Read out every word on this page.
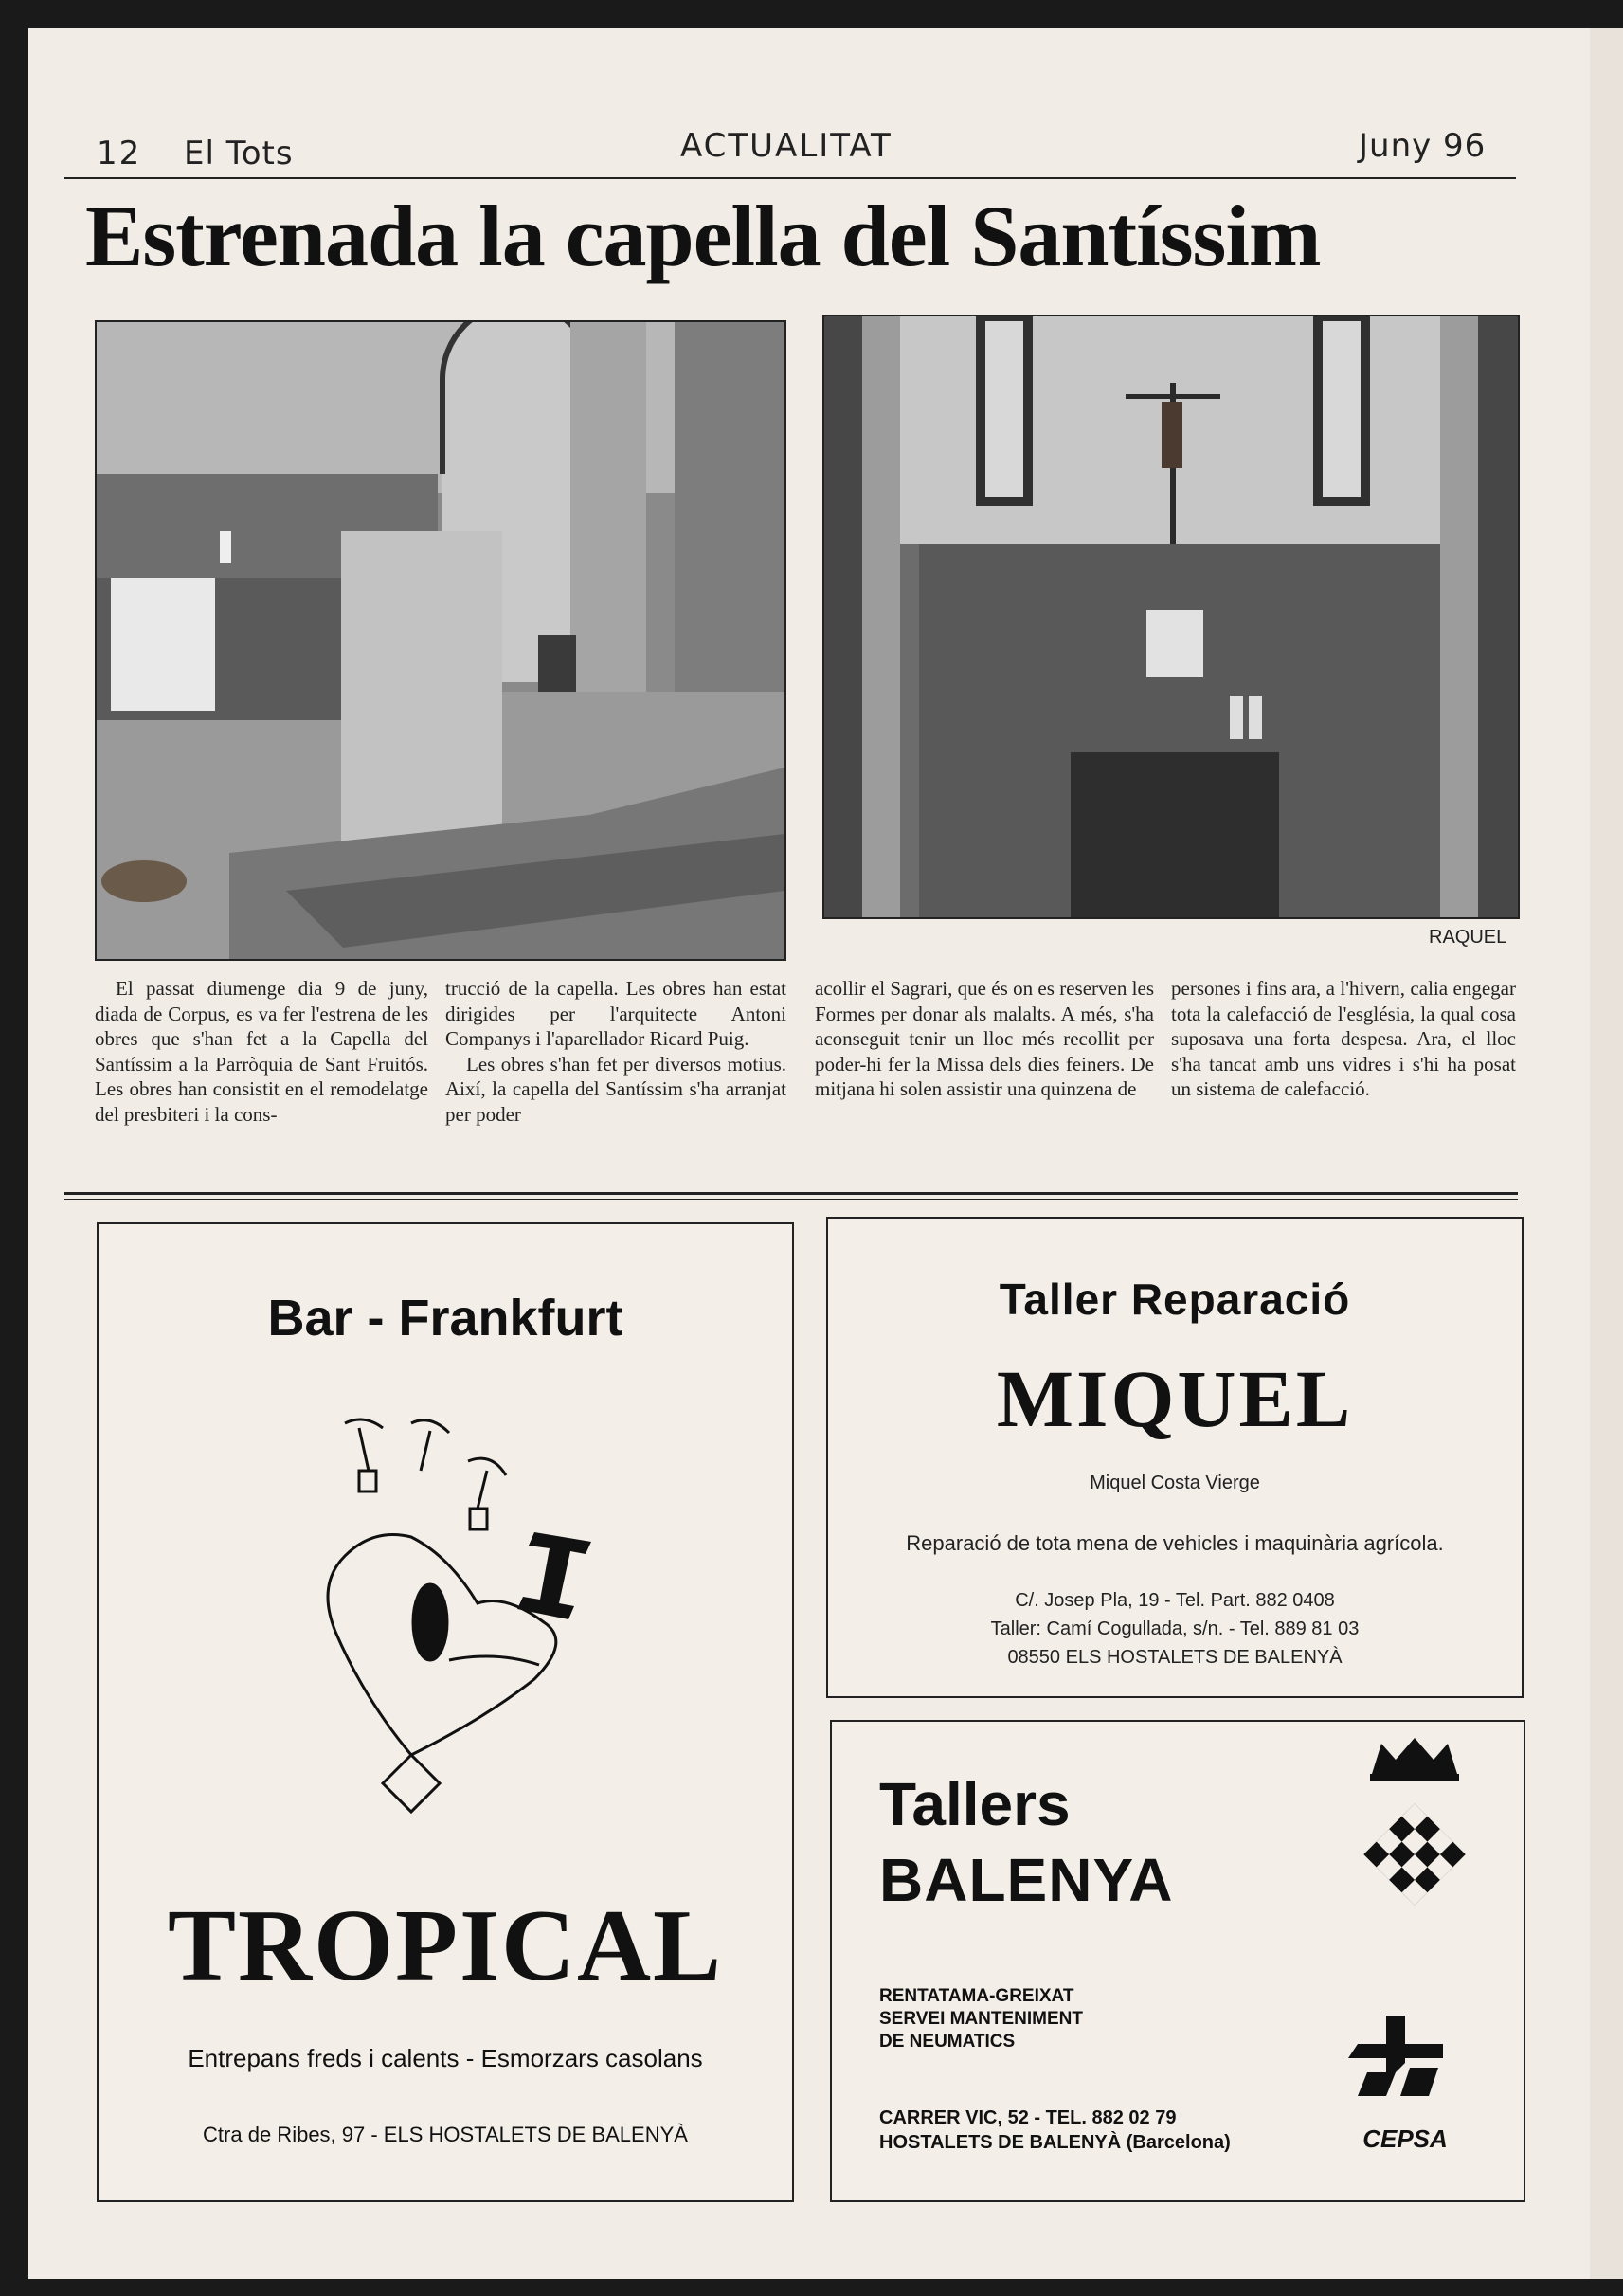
12 El Tots	ACTUALITAT	Juny 96
Estrenada la capella del Santíssim
RAQUEL

El passat diumenge dia 9 de juny, diada de Corpus, es va fer l'estrena de les obres que s'han fet a la Capella del Santíssim a la Parròquia de Sant Fruitós. Les obres han consistit en el remodelatge del presbiteri i la cons-

trucció de la capella. Les obres han estat dirigides per l'arquitecte Antoni Companys i l'aparellador Ricard Puig.

Les obres s'han fet per diversos motius. Així, la capella del Santíssim s'ha arranjat per poder

acollir el Sagrari, que és on es reserven les Formes per donar als malalts. A més, s'ha aconseguit tenir un lloc més recollit per poder-hi fer la Missa dels dies feiners. De mitjana hi solen assistir una quinzena de

persones i fins ara, a l'hivern, calia engegar tota la calefacció de l'església, la qual cosa suposava una forta despesa. Ara, el lloc s'ha tancat amb uns vidres i s'hi ha posat un sistema de calefacció.

Bar - Frankfurt
TROPICAL
Entrepans freds i calents - Esmorzars casolans
Ctra de Ribes, 97 - ELS HOSTALETS DE BALENYÀ
Taller Reparació
MIQUEL
Miquel Costa Vierge
Reparació de tota mena de vehicles i maquinària agrícola.
C/. Josep Pla, 19 - Tel. Part. 882 0408
Taller: Camí Cogullada, s/n. - Tel. 889 81 03
08550 ELS HOSTALETS DE BALENYÀ
Tallers
BALENYA
RENTATAMA-GREIXAT
SERVEI MANTENIMENT
DE NEUMATICS
CARRER VIC, 52 - TEL. 882 02 79
HOSTALETS DE BALENYÀ (Barcelona)	CEPSA
